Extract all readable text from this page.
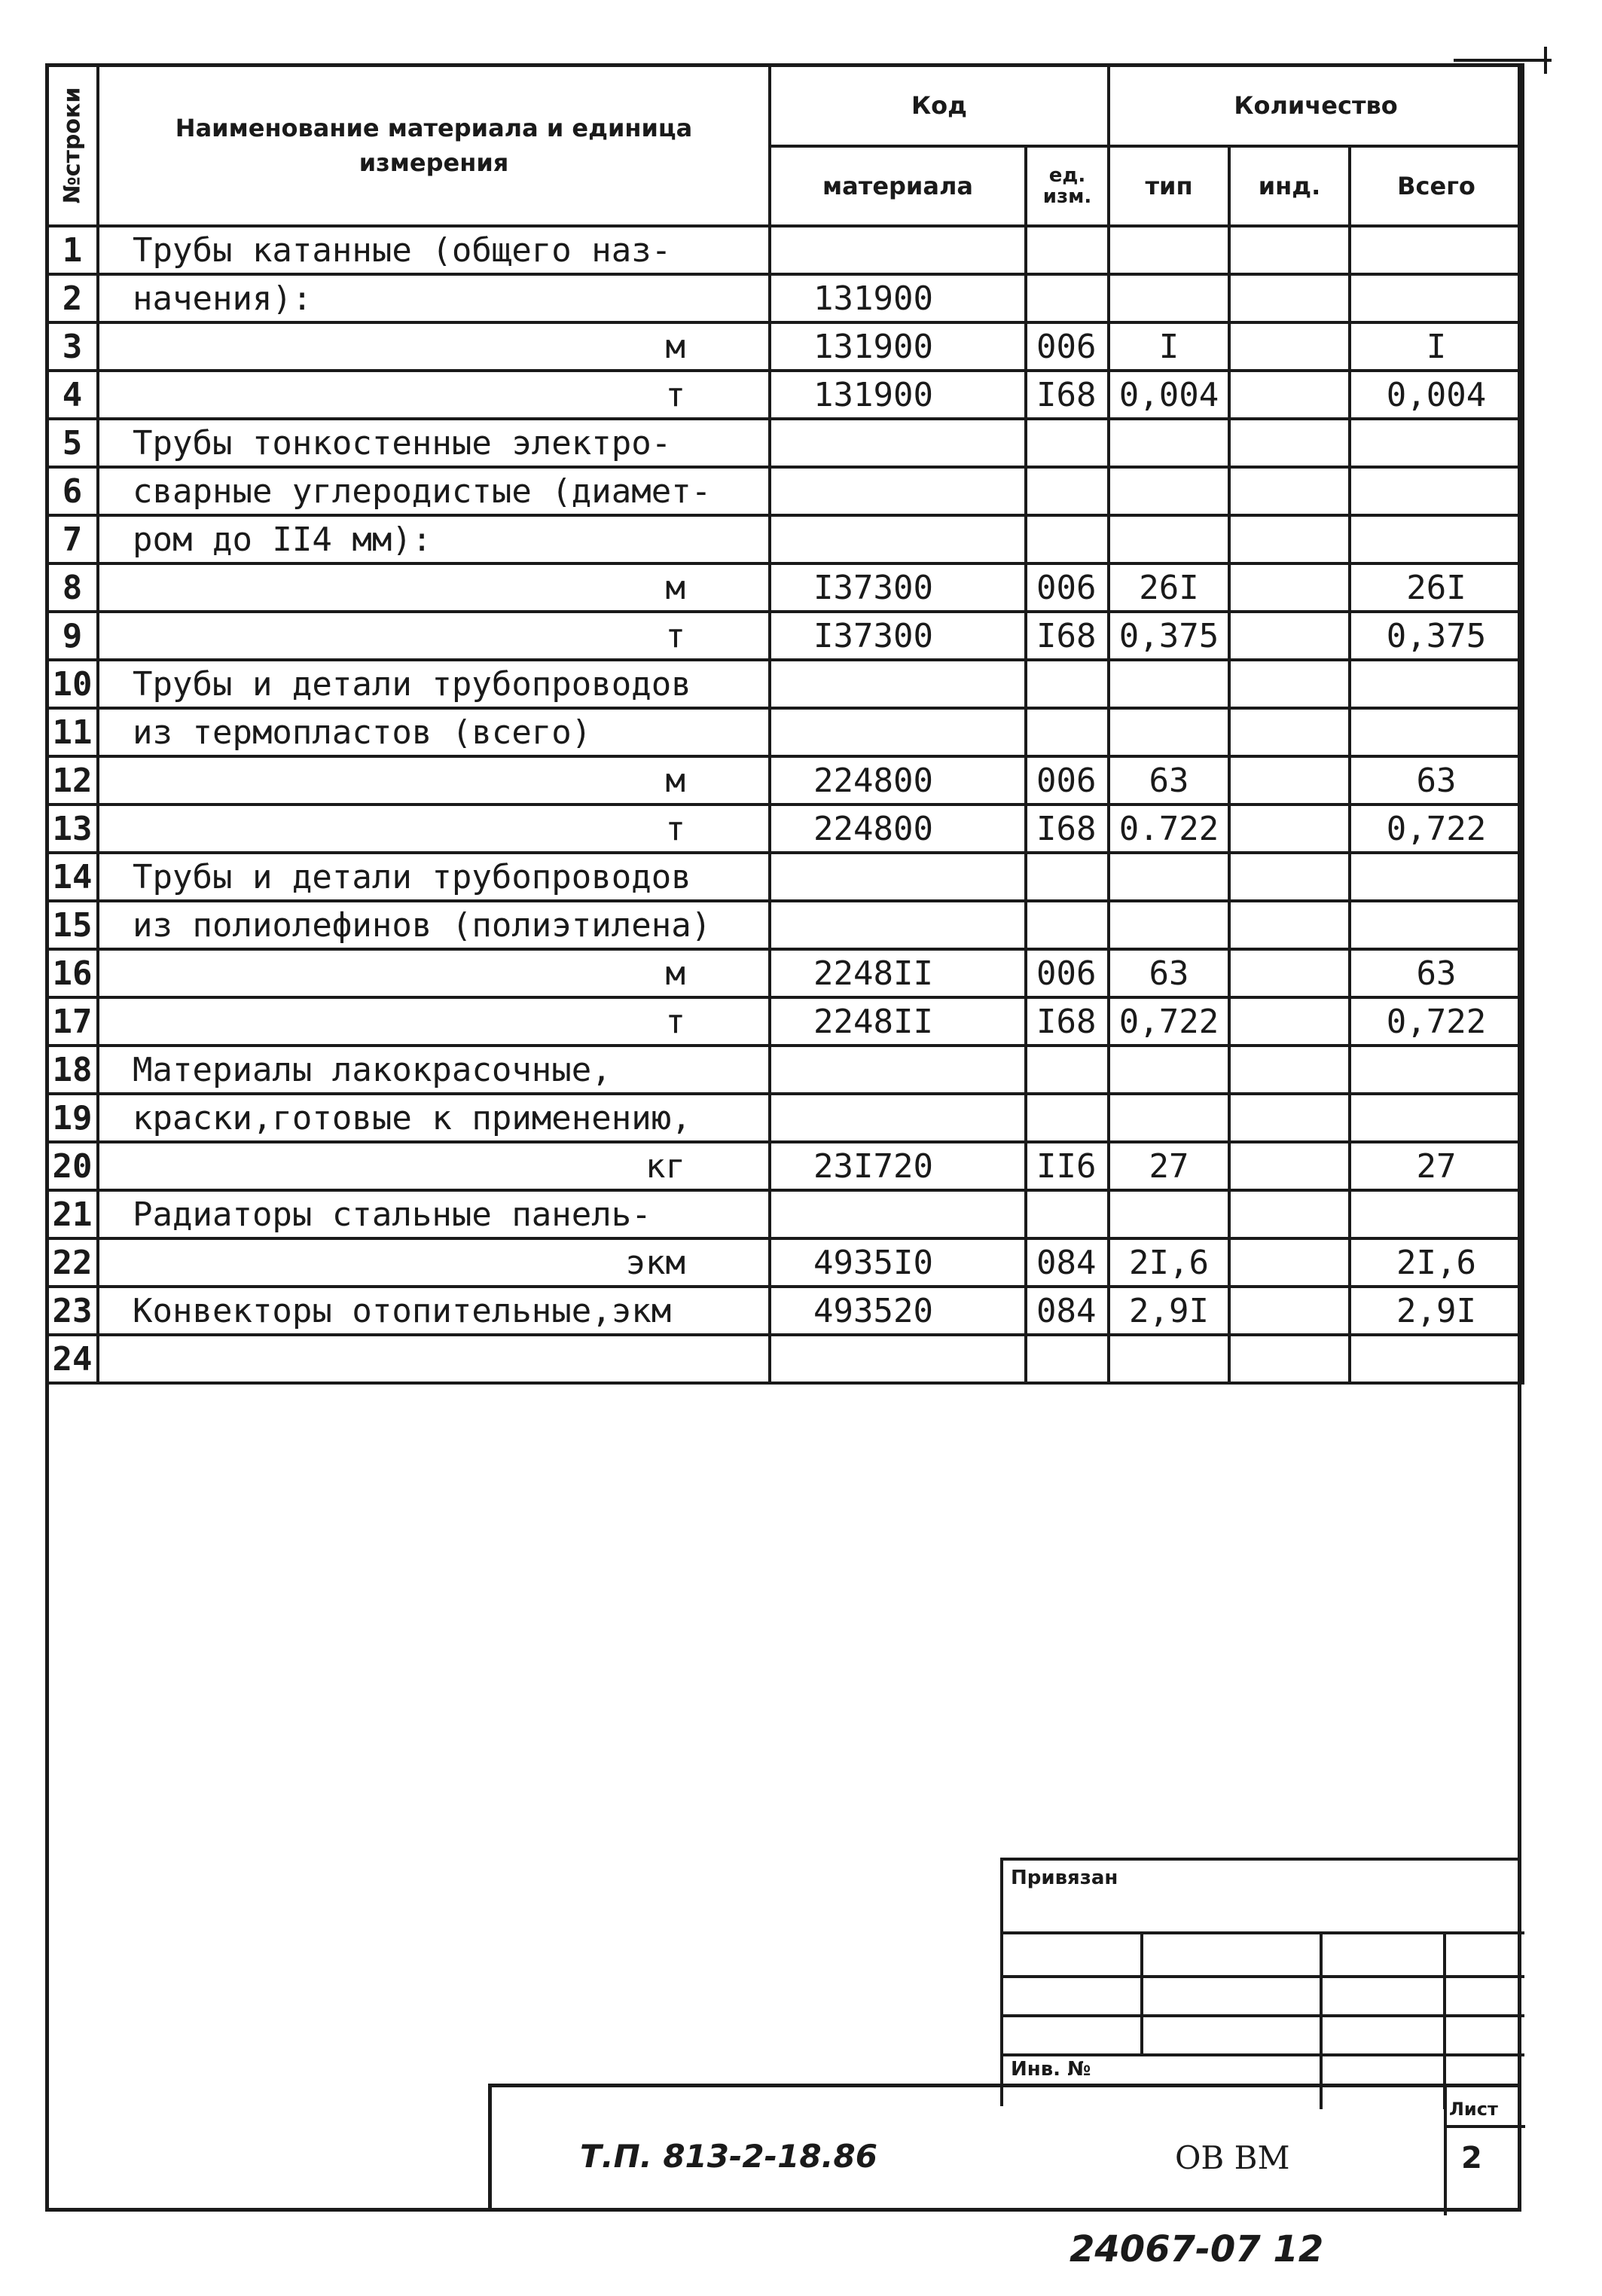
№строки	Наименование материала и единица измерения	Код		Количество		
		материала	ед. изм.	тип	инд.	Всего
1	Трубы катанные (общего наз-					
2	начения):	131900				
3	м	131900	006	I		I
4	т	131900	I68	0,004		0,004
5	Трубы тонкостенные электро-					
6	сварные углеродистые (диамет-					
7	ром до II4 мм):					
8	м	I37300	006	26I		26I
9	т	I37300	I68	0,375		0,375
10	Трубы и детали трубопроводов					
11	из термопластов (всего)					
12	м	224800	006	63		63
13	т	224800	I68	0.722		0,722
14	Трубы и детали трубопроводов					
15	из полиолефинов (полиэтилена)					
16	м	2248II	006	63		63
17	т	2248II	I68	0,722		0,722
18	Материалы лакокрасочные,					
19	краски,готовые к применению,					
20	кг	23I720	II6	27		27
21	Радиаторы стальные панель-					
22	экм	4935I0	084	2I,6		2I,6
23	Конвекторы отопительные,экм	493520	084	2,9I		2,9I
24						
Привязан
Инв. №
Т.П. 813-2-18.86	ОВ ВМ
Лист
2
24067-07 12
